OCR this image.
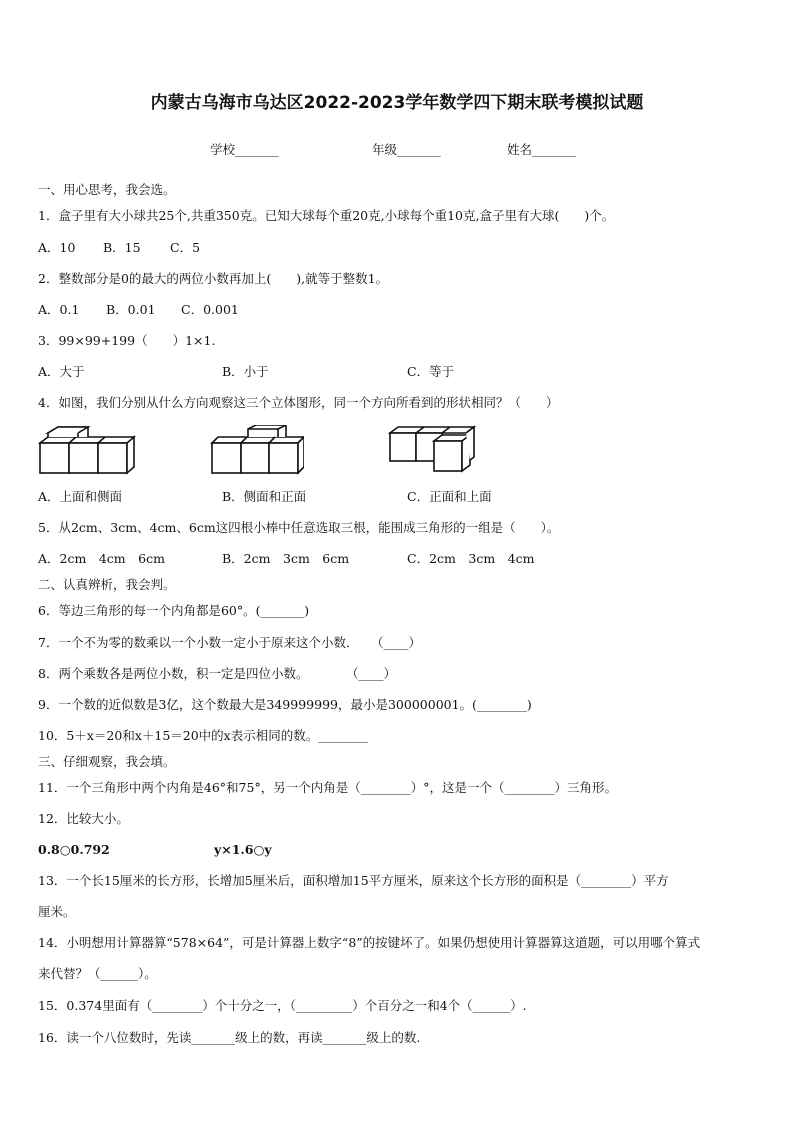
内蒙古乌海市乌达区2022-2023学年数学四下期末联考模拟试题
学校_______	年级_______	姓名_______
一、用心思考，我会选。
1．盒子里有大小球共25个,共重350克。已知大球每个重20克,小球每个重10克,盒子里有大球(　　)个。
A．10 B．15 C．5
2．整数部分是0的最大的两位小数再加上(　　),就等于整数1。
A．0.1 B．0.01 C．0.001
3．99×99+199（　　）1×1.
A．大于	B．小于	C．等于
4．如图，我们分别从什么方向观察这三个立体图形，同一个方向所看到的形状相同？（　　）
A．上面和侧面	B．侧面和正面	C．正面和上面
5．从2cm、3cm、4cm、6cm这四根小棒中任意选取三根，能围成三角形的一组是（　　）。
A．2cm　4cm　6cm	B．2cm　3cm　6cm	C．2cm　3cm　4cm
二、认真辨析，我会判。
6．等边三角形的每一个内角都是60°。(_______)
7．一个不为零的数乘以一个小数一定小于原来这个小数．　　（____）
8．两个乘数各是两位小数，积一定是四位小数。　　　　（____）
9．一个数的近似数是3亿，这个数最大是349999999，最小是300000001。(________)
10．5＋x＝20和x＋15＝20中的x表示相同的数。________
三、仔细观察，我会填。
11．一个三角形中两个内角是46°和75°，另一个内角是（________）°，这是一个（________）三角形。
12．比较大小。
0.8○0.792	y×1.6○y
13．一个长15厘米的长方形，长增加5厘米后，面积增加15平方厘米，原来这个长方形的面积是（________）平方
厘米。
14．小明想用计算器算“578×64”，可是计算器上数字“8”的按键坏了。如果仍想使用计算器算这道题，可以用哪个算式
来代替？（______）。
15．0.374里面有（________）个十分之一，（_________）个百分之一和4个（______）.
16．读一个八位数时，先读_______级上的数，再读_______级上的数.
